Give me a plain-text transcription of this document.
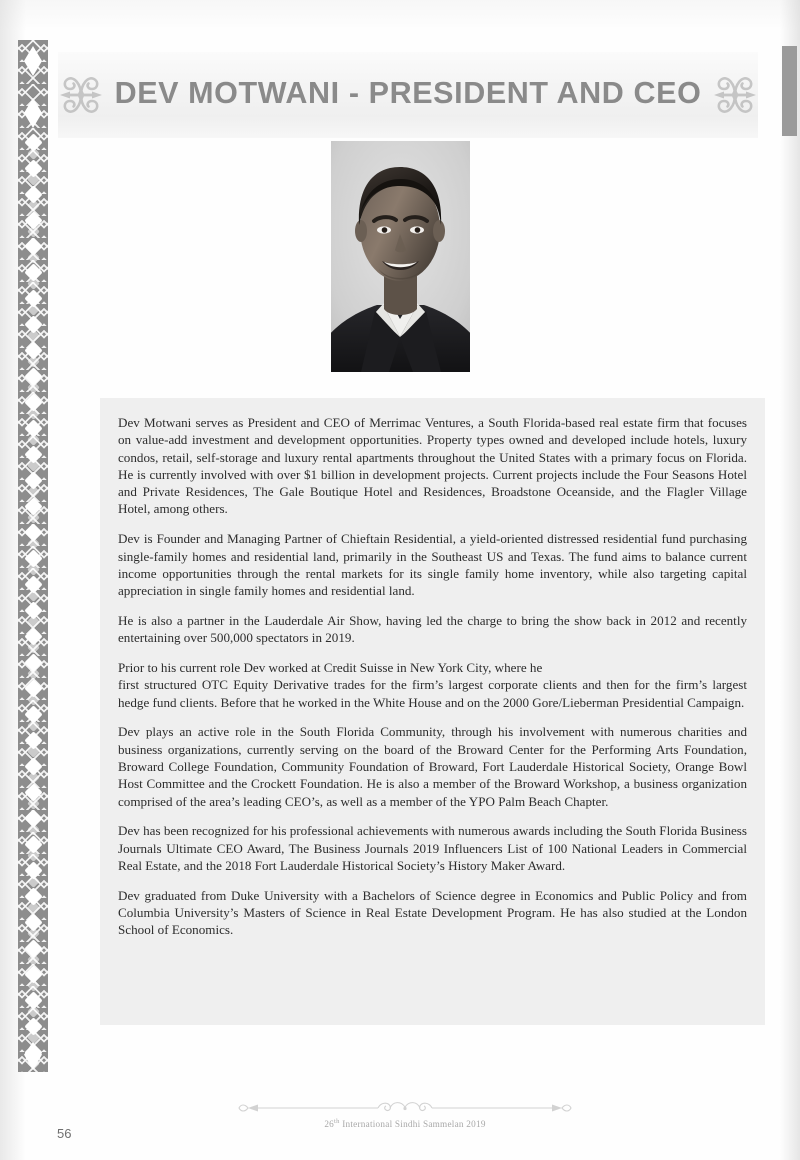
DEV MOTWANI - PRESIDENT AND CEO

Dev Motwani serves as President and CEO of Merrimac Ventures, a South Florida-based real estate firm that focuses on value-add investment and development opportunities. Property types owned and developed include hotels, luxury condos, retail, self-storage and luxury rental apartments throughout the United States with a primary focus on Florida. He is currently involved with over $1 billion in development projects. Current projects include the Four Seasons Hotel and Private Residences, The Gale Boutique Hotel and Residences, Broadstone Oceanside, and the Flagler Village Hotel, among others.

Dev is Founder and Managing Partner of Chieftain Residential, a yield-oriented distressed residential fund purchasing single-family homes and residential land, primarily in the Southeast US and Texas. The fund aims to balance current income opportunities through the rental markets for its single family home inventory, while also targeting capital appreciation in single family homes and residential land.

He is also a partner in the Lauderdale Air Show, having led the charge to bring the show back in 2012 and recently entertaining over 500,000 spectators in 2019.

Prior to his current role Dev worked at Credit Suisse in New York City, where he

first structured OTC Equity Derivative trades for the firm’s largest corporate clients and then for the firm’s largest hedge fund clients. Before that he worked in the White House and on the 2000 Gore/Lieberman Presidential Campaign.

Dev plays an active role in the South Florida Community, through his involvement with numerous charities and business organizations, currently serving on the board of the Broward Center for the Performing Arts Foundation, Broward College Foundation, Community Foundation of Broward, Fort Lauderdale Historical Society, Orange Bowl Host Committee and the Crockett Foundation. He is also a member of the Broward Workshop, a business organization comprised of the area’s leading CEO’s, as well as a member of the YPO Palm Beach Chapter.

Dev has been recognized for his professional achievements with numerous awards including the South Florida Business Journals Ultimate CEO Award, The Business Journals 2019 Influencers List of 100 National Leaders in Commercial Real Estate, and the 2018 Fort Lauderdale Historical Society’s History Maker Award.

Dev graduated from Duke University with a Bachelors of Science degree in Economics and Public Policy and from Columbia University’s Masters of Science in Real Estate Development Program. He has also studied at the London School of Economics.

56
26th International Sindhi Sammelan 2019
